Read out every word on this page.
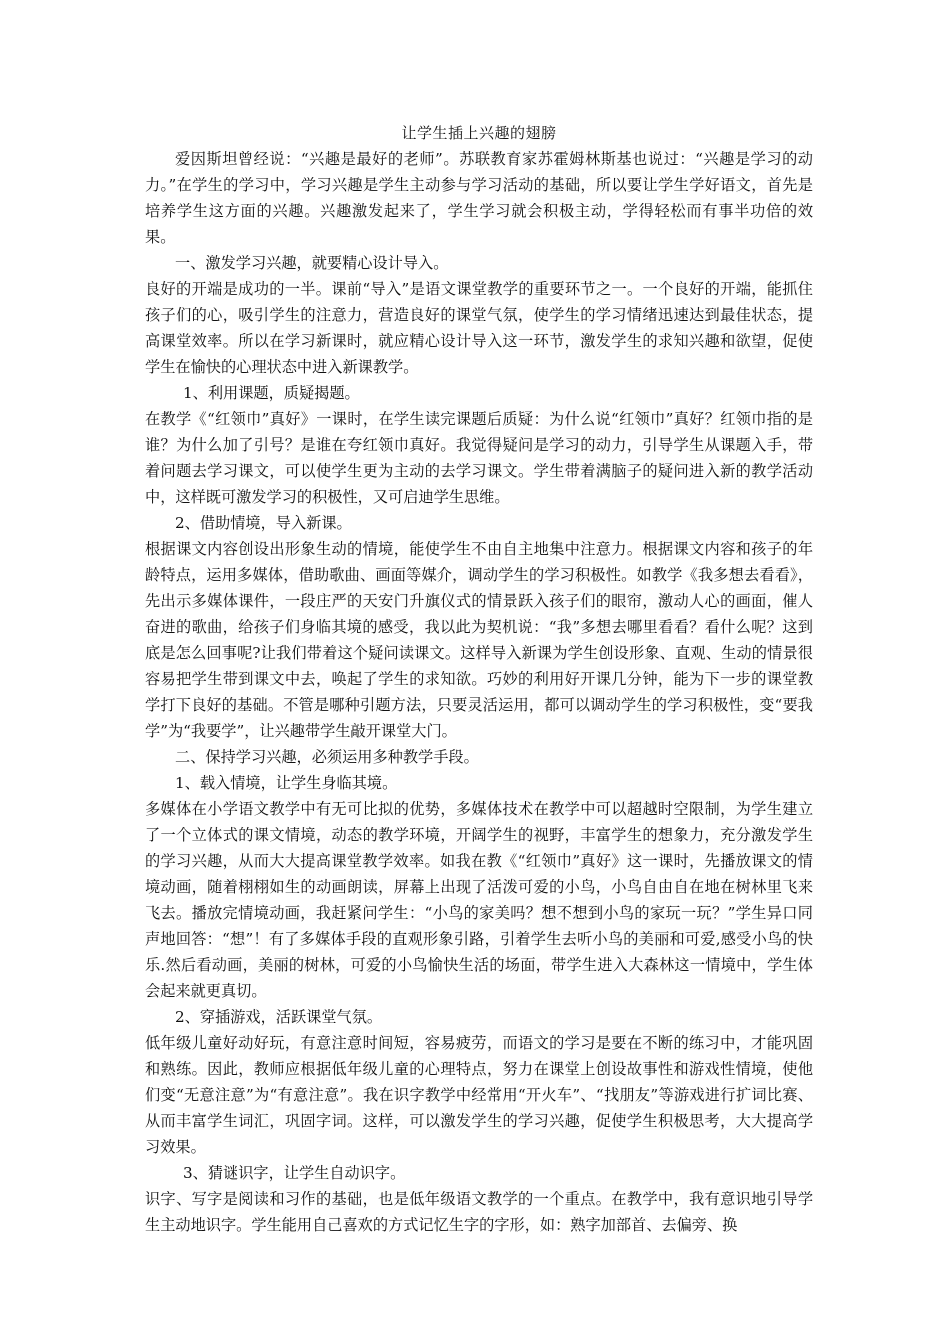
让学生插上兴趣的翅膀

爱因斯坦曾经说：“兴趣是最好的老师”。苏联教育家苏霍姆林斯基也说过：“兴趣是学习的动力。”在学生的学习中，学习兴趣是学生主动参与学习活动的基础，所以要让学生学好语文，首先是培养学生这方面的兴趣。兴趣激发起来了，学生学习就会积极主动，学得轻松而有事半功倍的效果。

一、激发学习兴趣，就要精心设计导入。

良好的开端是成功的一半。课前“导入”是语文课堂教学的重要环节之一。一个良好的开端，能抓住孩子们的心，吸引学生的注意力，营造良好的课堂气氛，使学生的学习情绪迅速达到最佳状态，提高课堂效率。所以在学习新课时，就应精心设计导入这一环节，激发学生的求知兴趣和欲望，促使学生在愉快的心理状态中进入新课教学。

1、利用课题，质疑揭题。

在教学《“红领巾”真好》一课时，在学生读完课题后质疑：为什么说“红领巾”真好？红领巾指的是谁？为什么加了引号？是谁在夸红领巾真好。我觉得疑问是学习的动力，引导学生从课题入手，带着问题去学习课文，可以使学生更为主动的去学习课文。学生带着满脑子的疑问进入新的教学活动中，这样既可激发学习的积极性，又可启迪学生思维。

2、借助情境，导入新课。

根据课文内容创设出形象生动的情境，能使学生不由自主地集中注意力。根据课文内容和孩子的年龄特点，运用多媒体，借助歌曲、画面等媒介，调动学生的学习积极性。如教学《我多想去看看》，先出示多媒体课件，一段庄严的天安门升旗仪式的情景跃入孩子们的眼帘，激动人心的画面，催人奋进的歌曲，给孩子们身临其境的感受，我以此为契机说：“我”多想去哪里看看？看什么呢？这到底是怎么回事呢?让我们带着这个疑问读课文。这样导入新课为学生创设形象、直观、生动的情景很容易把学生带到课文中去，唤起了学生的求知欲。巧妙的利用好开课几分钟，能为下一步的课堂教学打下良好的基础。不管是哪种引题方法，只要灵活运用，都可以调动学生的学习积极性，变“要我学”为“我要学”，让兴趣带学生敲开课堂大门。

二、保持学习兴趣，必须运用多种教学手段。

1、载入情境，让学生身临其境。

多媒体在小学语文教学中有无可比拟的优势，多媒体技术在教学中可以超越时空限制，为学生建立了一个立体式的课文情境，动态的教学环境，开阔学生的视野，丰富学生的想象力，充分激发学生的学习兴趣，从而大大提高课堂教学效率。如我在教《“红领巾”真好》这一课时，先播放课文的情境动画，随着栩栩如生的动画朗读，屏幕上出现了活泼可爱的小鸟，小鸟自由自在地在树林里飞来飞去。播放完情境动画，我赶紧问学生：“小鸟的家美吗？想不想到小鸟的家玩一玩？”学生异口同声地回答：“想”！有了多媒体手段的直观形象引路，引着学生去听小鸟的美丽和可爱,感受小鸟的快乐.然后看动画，美丽的树林，可爱的小鸟愉快生活的场面，带学生进入大森林这一情境中，学生体会起来就更真切。

2、穿插游戏，活跃课堂气氛。

低年级儿童好动好玩，有意注意时间短，容易疲劳，而语文的学习是要在不断的练习中，才能巩固和熟练。因此，教师应根据低年级儿童的心理特点，努力在课堂上创设故事性和游戏性情境，使他们变“无意注意”为“有意注意”。我在识字教学中经常用“开火车”、“找朋友”等游戏进行扩词比赛、从而丰富学生词汇，巩固字词。这样，可以激发学生的学习兴趣，促使学生积极思考，大大提高学习效果。

3、猜谜识字，让学生自动识字。

识字、写字是阅读和习作的基础，也是低年级语文教学的一个重点。在教学中，我有意识地引导学生主动地识字。学生能用自己喜欢的方式记忆生字的字形，如：熟字加部首、去偏旁、换
